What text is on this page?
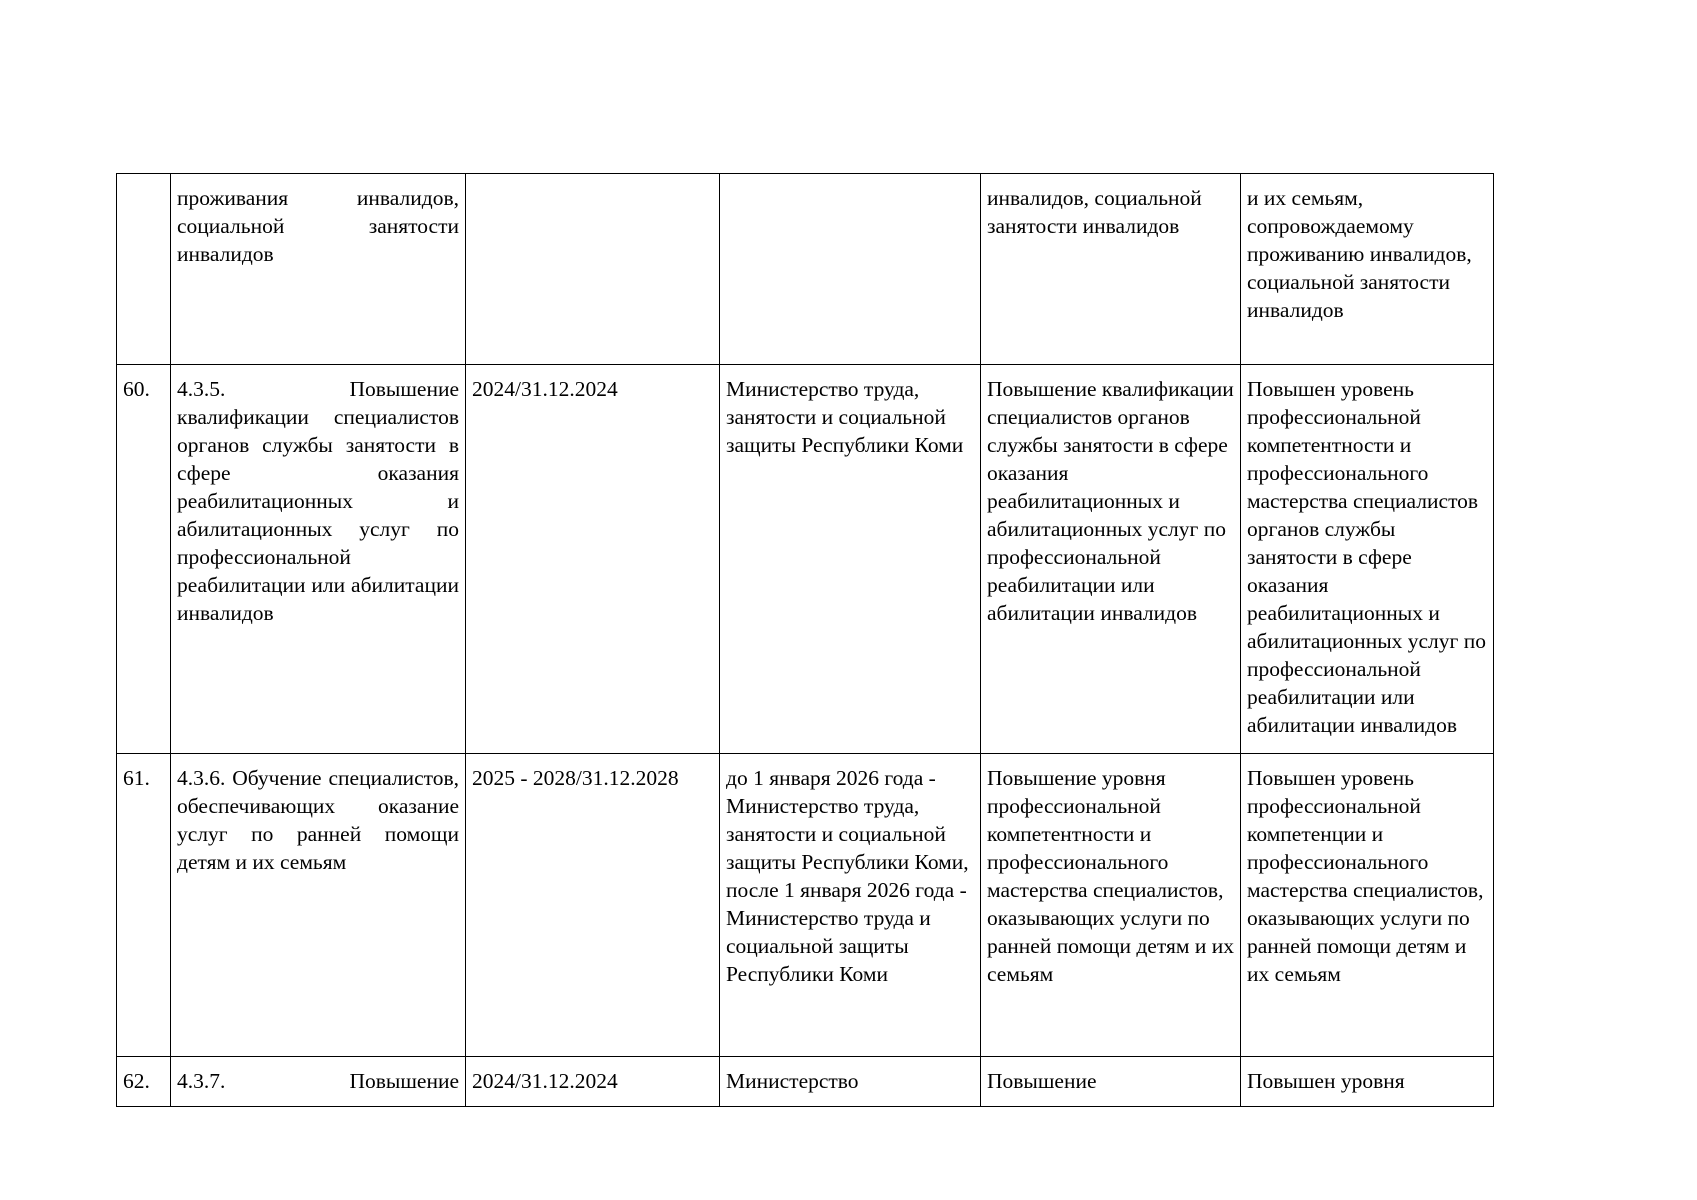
	проживания инвалидов, социальной занятости инвалидов			инвалидов, социальной занятости инвалидов	и их семьям, сопровождаемому проживанию инвалидов, социальной занятости инвалидов
60.	4.3.5. Повышение квалификации специалистов органов службы занятости в сфере оказания реабилитационных и абилитационных услуг по профессиональной реабилитации или абилитации инвалидов	2024/31.12.2024	Министерство труда, занятости и социальной защиты Республики Коми	Повышение квалификации специалистов органов службы занятости в сфере оказания реабилитационных и абилитационных услуг по профессиональной реабилитации или абилитации инвалидов	Повышен уровень профессиональной компетентности и профессионального мастерства специалистов органов службы занятости в сфере оказания реабилитационных и абилитационных услуг по профессиональной реабилитации или абилитации инвалидов
61.	4.3.6. Обучение специалистов, обеспечивающих оказание услуг по ранней помощи детям и их семьям	2025 - 2028/31.12.2028	до 1 января 2026 года - Министерство труда, занятости и социальной защиты Республики Коми, после 1 января 2026 года - Министерство труда и социальной защиты Республики Коми	Повышение уровня профессиональной компетентности и профессионального мастерства специалистов, оказывающих услуги по ранней помощи детям и их семьям	Повышен уровень профессиональной компетенции и профессионального мастерства специалистов, оказывающих услуги по ранней помощи детям и их семьям
62.	4.3.7. Повышение	2024/31.12.2024	Министерство	Повышение	Повышен уровня
